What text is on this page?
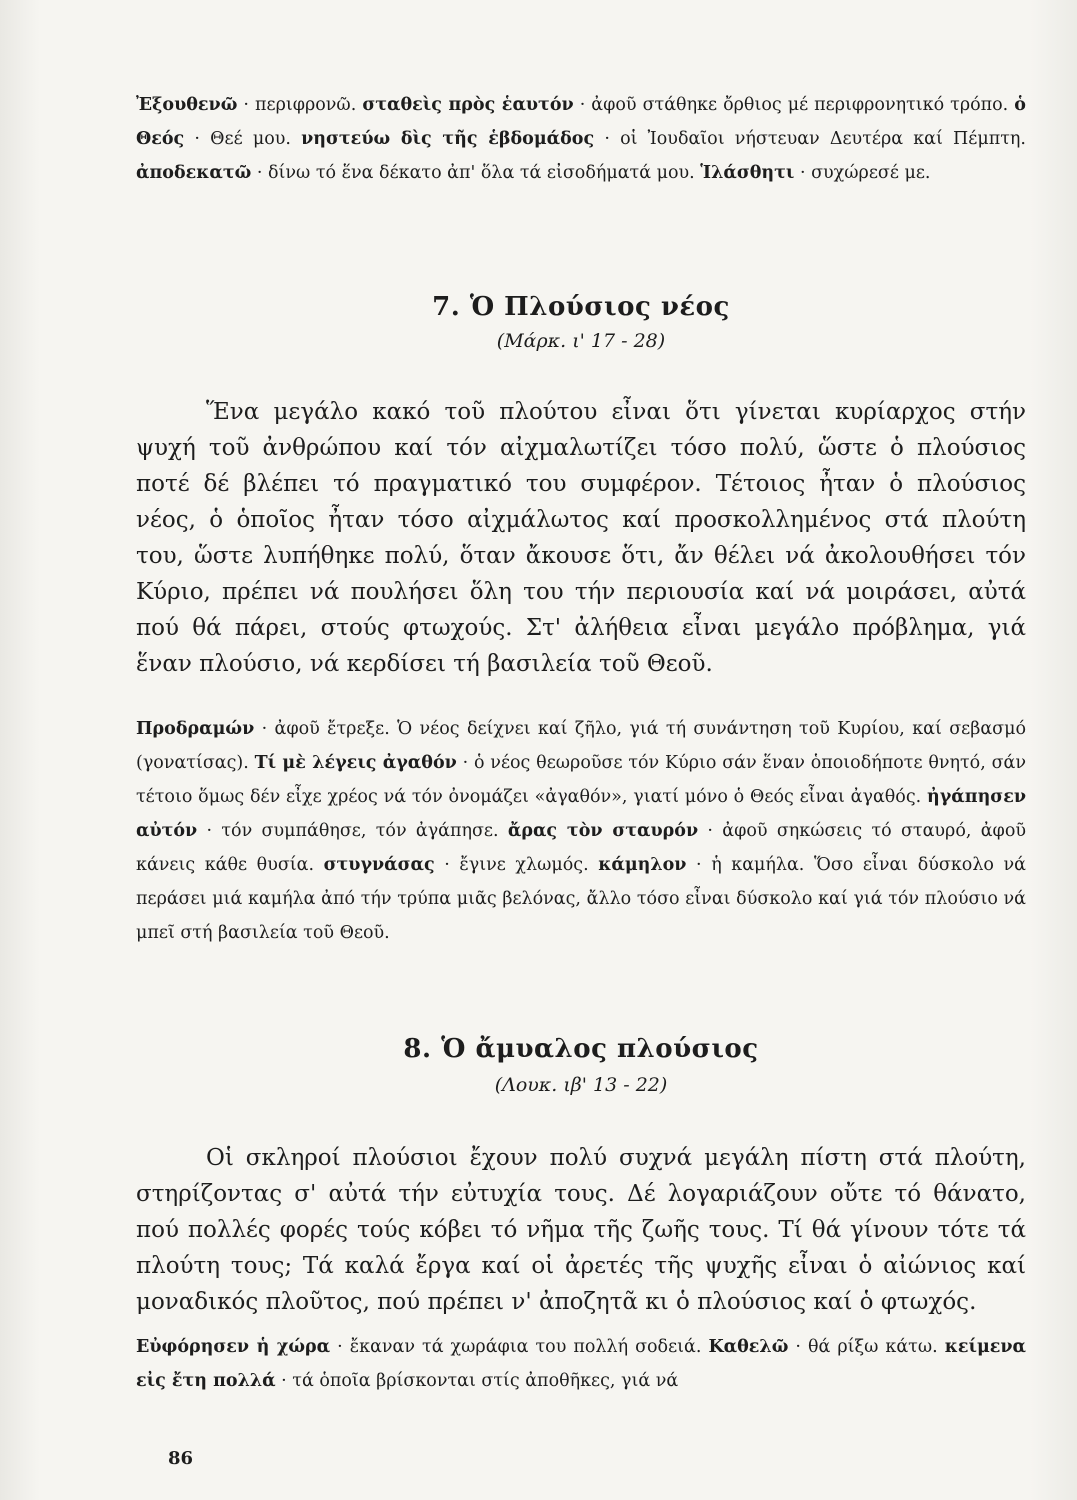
Ἐξουθενῶ · περιφρονῶ. σταθεὶς πρὸς ἑαυτόν · ἀφοῦ στάθηκε ὄρθιος μέ περιφρονητικό τρόπο. ὁ Θεός · Θεέ μου. νηστεύω δὶς τῆς ἑβδομάδος · οἱ Ἰουδαῖοι νήστευαν Δευτέρα καί Πέμπτη. ἀποδεκατῶ · δίνω τό ἕνα δέκατο ἀπ' ὅλα τά εἰσοδήματά μου. Ἱλάσθητι · συχώρεσέ με.

7. Ὁ Πλούσιος νέος
(Μάρκ. ι' 17 - 28)

Ἕνα μεγάλο κακό τοῦ πλούτου εἶναι ὅτι γίνεται κυρίαρχος στήν ψυχή τοῦ ἀνθρώπου καί τόν αἰχμαλωτίζει τόσο πολύ, ὥστε ὁ πλούσιος ποτέ δέ βλέπει τό πραγματικό του συμφέρον. Τέτοιος ἦταν ὁ πλούσιος νέος, ὁ ὁποῖος ἦταν τόσο αἰχμάλωτος καί προσκολλημένος στά πλούτη του, ὥστε λυπήθηκε πολύ, ὅταν ἄκουσε ὅτι, ἄν θέλει νά ἀκολουθήσει τόν Κύριο, πρέπει νά πουλήσει ὅλη του τήν περιουσία καί νά μοιράσει, αὐτά πού θά πάρει, στούς φτωχούς. Στ' ἀλήθεια εἶναι μεγάλο πρόβλημα, γιά ἕναν πλούσιο, νά κερδίσει τή βασιλεία τοῦ Θεοῦ.

Προδραμών · ἀφοῦ ἔτρεξε. Ὁ νέος δείχνει καί ζῆλο, γιά τή συνάντηση τοῦ Κυρίου, καί σεβασμό (γονατίσας). Τί μὲ λέγεις ἀγαθόν · ὁ νέος θεωροῦσε τόν Κύριο σάν ἕναν ὁποιοδήποτε θνητό, σάν τέτοιο ὅμως δέν εἶχε χρέος νά τόν ὀνομάζει «ἀγαθόν», γιατί μόνο ὁ Θεός εἶναι ἀγαθός. ἠγάπησεν αὐτόν · τόν συμπάθησε, τόν ἀγάπησε. ἄρας τὸν σταυρόν · ἀφοῦ σηκώσεις τό σταυρό, ἀφοῦ κάνεις κάθε θυσία. στυγνάσας · ἔγινε χλωμός. κάμηλον · ἡ καμήλα. Ὅσο εἶναι δύσκολο νά περάσει μιά καμήλα ἀπό τήν τρύπα μιᾶς βελόνας, ἄλλο τόσο εἶναι δύσκολο καί γιά τόν πλούσιο νά μπεῖ στή βασιλεία τοῦ Θεοῦ.

8. Ὁ ἄμυαλος πλούσιος
(Λουκ. ιβ' 13 - 22)

Οἱ σκληροί πλούσιοι ἔχουν πολύ συχνά μεγάλη πίστη στά πλούτη, στηρίζοντας σ' αὐτά τήν εὐτυχία τους. Δέ λογαριάζουν οὔτε τό θάνατο, πού πολλές φορές τούς κόβει τό νῆμα τῆς ζωῆς τους. Τί θά γίνουν τότε τά πλούτη τους; Τά καλά ἔργα καί οἱ ἀρετές τῆς ψυχῆς εἶναι ὁ αἰώνιος καί μοναδικός πλοῦτος, πού πρέπει ν' ἀποζητᾶ κι ὁ πλούσιος καί ὁ φτωχός.

Εὐφόρησεν ἡ χώρα · ἔκαναν τά χωράφια του πολλή σοδειά. Καθελῶ · θά ρίξω κάτω. κείμενα εἰς ἔτη πολλά · τά ὁποῖα βρίσκονται στίς ἀποθῆκες, γιά νά

86
